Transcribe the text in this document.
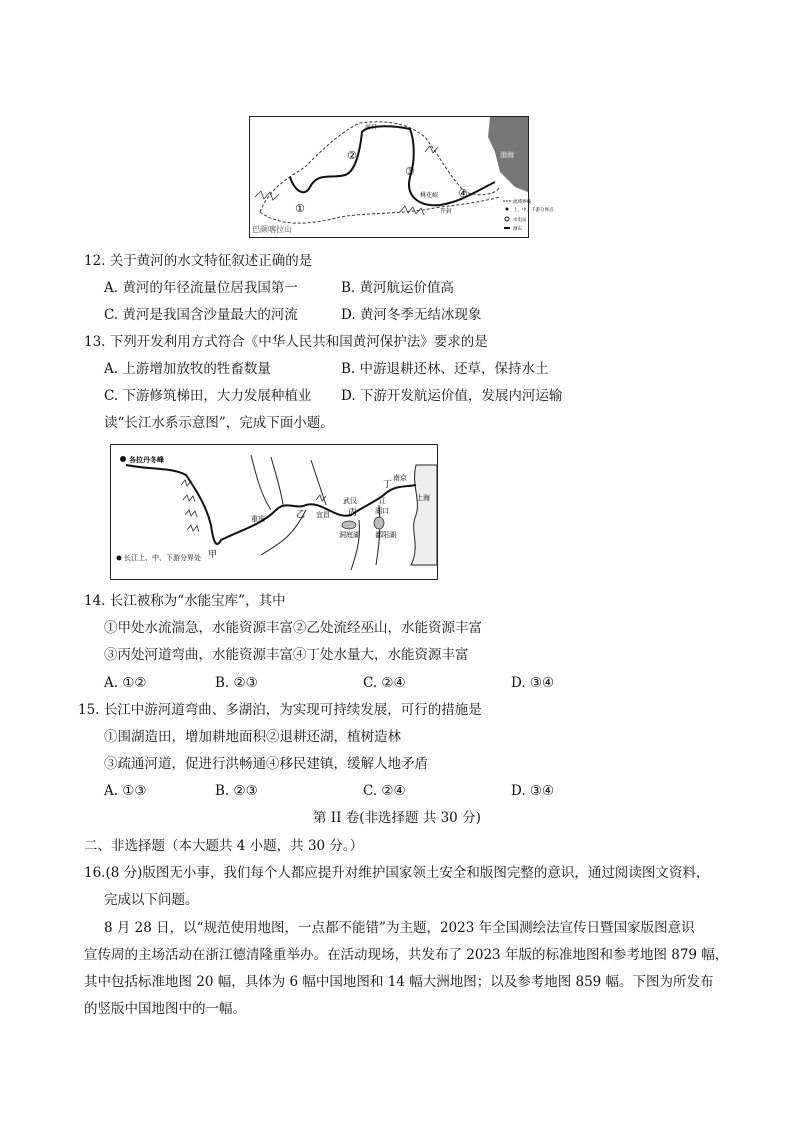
巴颜喀拉山
渤海
①
②
③
④
桃花峪
开封
河口
流域界线
上、中、下游分界点
水电站
瀑布
12. 关于黄河的水文特征叙述正确的是
A. 黄河的年径流量位居我国第一	B. 黄河航运价值高
C. 黄河是我国含沙量最大的河流	D. 黄河冬季无结冰现象
13. 下列开发利用方式符合《中华人民共和国黄河保护法》要求的是
A. 上游增加放牧的牲畜数量	B. 中游退耕还林、还草，保持水土
C. 下游修筑梯田，大力发展种植业 D. 下游开发航运价值，发展内河运输
读“长江水系示意图”，完成下面小题。
各拉丹冬峰
重庆	宜昌
武汉
南京
上海
湖口
洞庭湖 鄱阳湖
甲
乙	丙
丁
江
长江上、中、下游分界处
14. 长江被称为“水能宝库”，其中
①甲处水流湍急，水能资源丰富②乙处流经巫山，水能资源丰富
③丙处河道弯曲，水能资源丰富④丁处水量大，水能资源丰富
A. ①②	B. ②③	C. ②④	D. ③④
15. 长江中游河道弯曲、多湖泊，为实现可持续发展，可行的措施是
①围湖造田，增加耕地面积②退耕还湖，植树造林
③疏通河道，促进行洪畅通④移民建镇，缓解人地矛盾
A. ①③	B. ②③	C. ②④	D. ③④
第 II 卷(非选择题 共 30 分)
二、非选择题（本大题共 4 小题，共 30 分。）
16.(8 分)版图无小事，我们每个人都应提升对维护国家领土安全和版图完整的意识，通过阅读图文资料，
完成以下问题。
8 月 28 日，以“规范使用地图，一点都不能错”为主题，2023 年全国测绘法宣传日暨国家版图意识
宣传周的主场活动在浙江德清隆重举办。在活动现场，共发布了 2023 年版的标准地图和参考地图 879 幅，
其中包括标准地图 20 幅，具体为 6 幅中国地图和 14 幅大洲地图；以及参考地图 859 幅。下图为所发布
的竖版中国地图中的一幅。
